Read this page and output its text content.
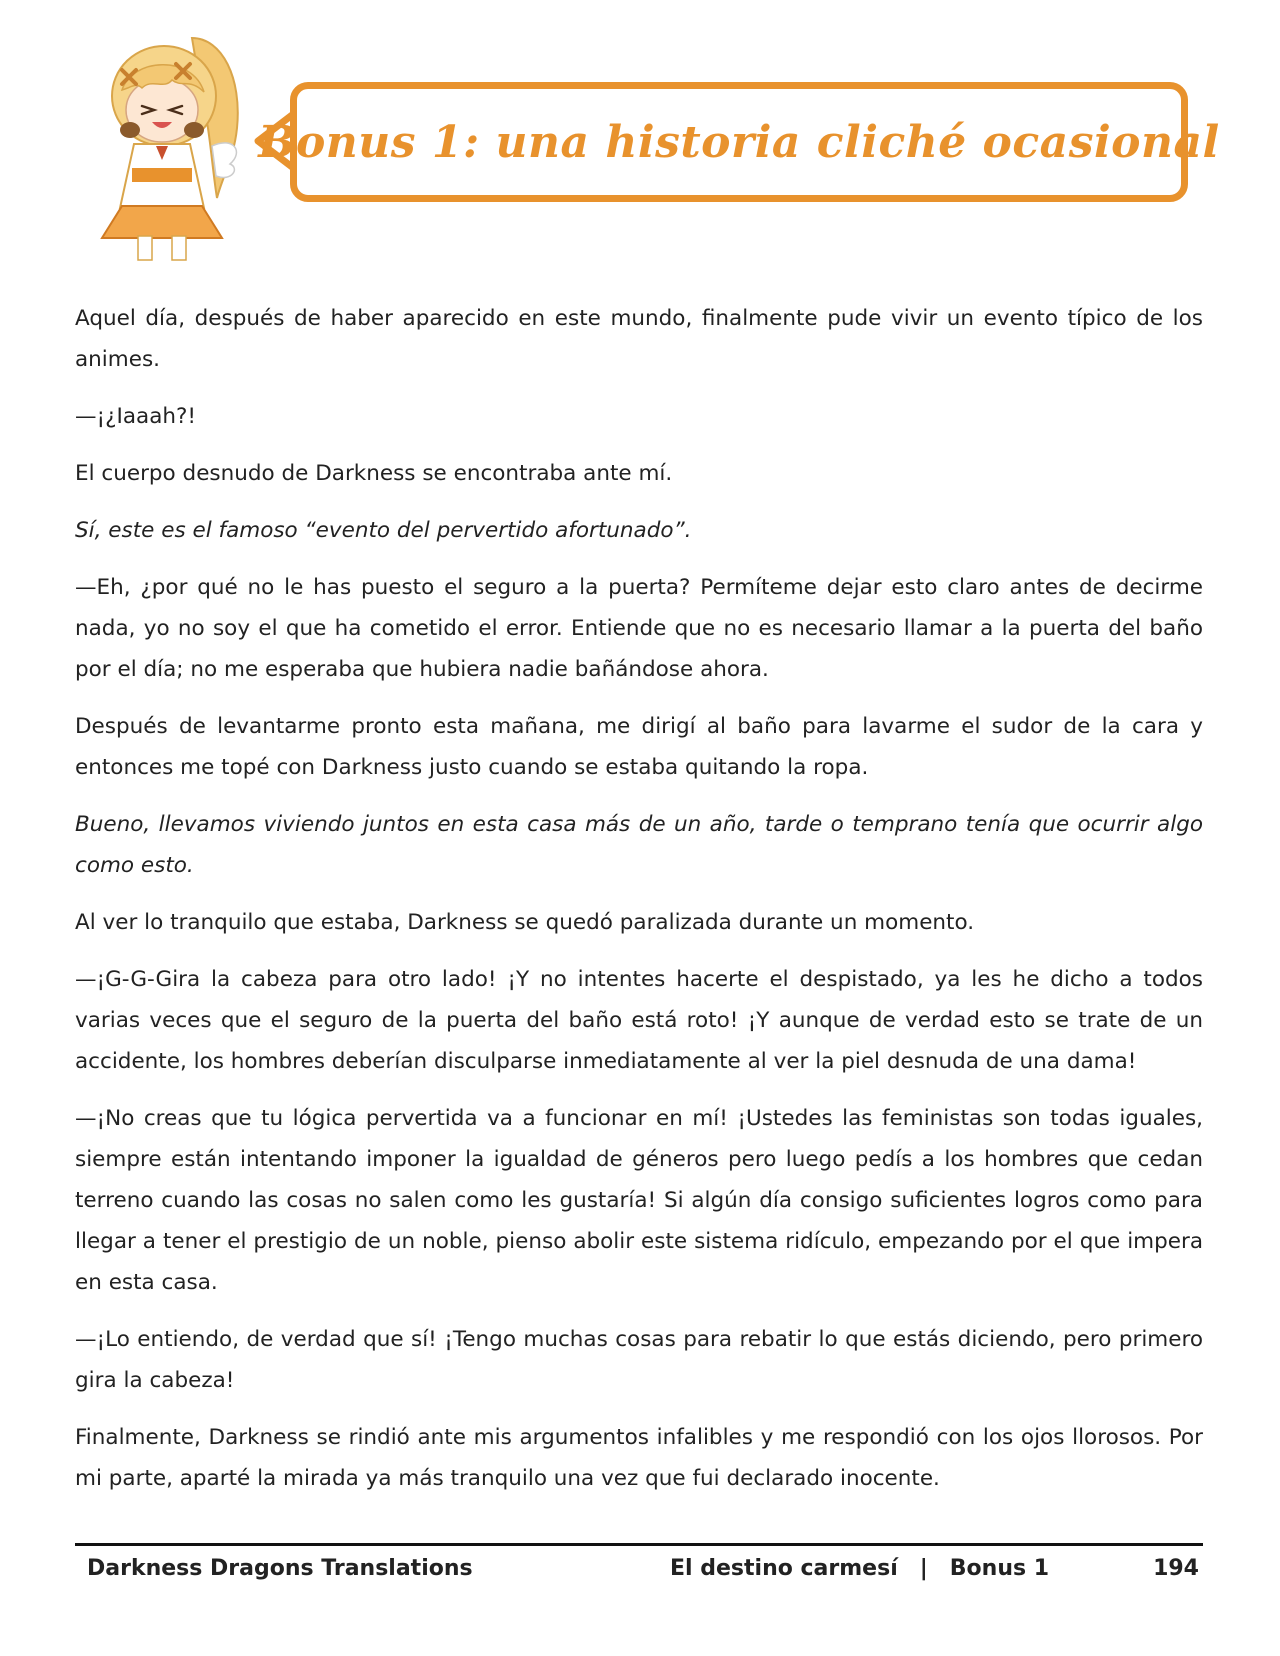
Bonus 1: una historia cliché ocasional

Aquel día, después de haber aparecido en este mundo, finalmente pude vivir un evento típico de los animes.

—¡¿Iaaah?!

El cuerpo desnudo de Darkness se encontraba ante mí.

Sí, este es el famoso “evento del pervertido afortunado”.

—Eh, ¿por qué no le has puesto el seguro a la puerta? Permíteme dejar esto claro antes de decirme nada, yo no soy el que ha cometido el error. Entiende que no es necesario llamar a la puerta del baño por el día; no me esperaba que hubiera nadie bañándose ahora.

Después de levantarme pronto esta mañana, me dirigí al baño para lavarme el sudor de la cara y entonces me topé con Darkness justo cuando se estaba quitando la ropa.

Bueno, llevamos viviendo juntos en esta casa más de un año, tarde o temprano tenía que ocurrir algo como esto.

Al ver lo tranquilo que estaba, Darkness se quedó paralizada durante un momento.

—¡G-G-Gira la cabeza para otro lado! ¡Y no intentes hacerte el despistado, ya les he dicho a todos varias veces que el seguro de la puerta del baño está roto! ¡Y aunque de verdad esto se trate de un accidente, los hombres deberían disculparse inmediatamente al ver la piel desnuda de una dama!

—¡No creas que tu lógica pervertida va a funcionar en mí! ¡Ustedes las feministas son todas iguales, siempre están intentando imponer la igualdad de géneros pero luego pedís a los hombres que cedan terreno cuando las cosas no salen como les gustaría! Si algún día consigo suficientes logros como para llegar a tener el prestigio de un noble, pienso abolir este sistema ridículo, empezando por el que impera en esta casa.

—¡Lo entiendo, de verdad que sí! ¡Tengo muchas cosas para rebatir lo que estás diciendo, pero primero gira la cabeza!

Finalmente, Darkness se rindió ante mis argumentos infalibles y me respondió con los ojos llorosos. Por mi parte, aparté la mirada ya más tranquilo una vez que fui declarado inocente.

Darkness Dragons Translations	El destino carmesí | Bonus 1	194
